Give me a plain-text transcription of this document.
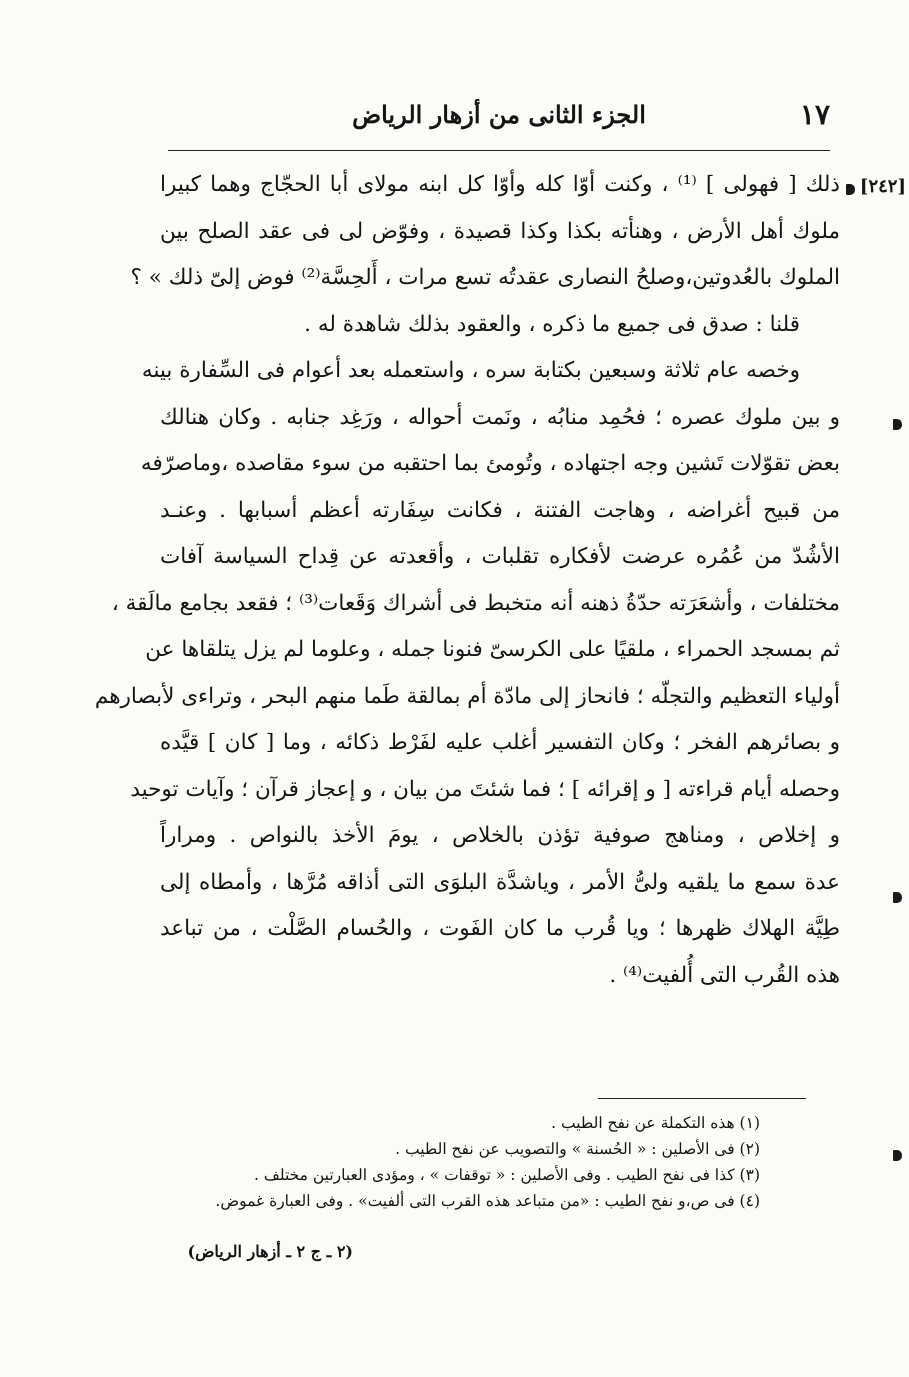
١٧
الجزء الثانى من أزهار الرياض
[٢٤٢]
ذلك [ فهولى ] ⁽¹⁾ ، وكنت أوّا كله وأوّا كل ابنه مولاى أبا الحجّاج وهما كبيرا
ملوك أهل الأرض ، وهنأته بكذا وكذا قصيدة ، وفوّض لى فى عقد الصلح بين
الملوك بالعُدوتين،وصلحُ النصارى عقدتُه تسع مرات ، أَلحِسَّة⁽²⁾ فوض إلىّ ذلك » ؟
قلنا : صدق فى جميع ما ذكره ، والعقود بذلك شاهدة له .
وخصه عام ثلاثة وسبعين بكتابة سره ، واستعمله بعد أعوام فى السِّفارة بينه
و بين ملوك عصره ؛ فحُمِد منابُه ، ونَمت أحواله ، ورَغِد جنابه . وكان هنالك
بعض تقوّلات تَشين وجه اجتهاده ، وتُومئ بما احتقبه من سوء مقاصده ،وماصرّفه
من قبيح أغراضه ، وهاجت الفتنة ، فكانت سِفَارته أعظم أسبابها . وعنـد
الأشُدّ من عُمُره عرضت لأفكاره تقلبات ، وأقعدته عن قِداح السياسة آفات
مختلفات ، وأشعَرَته حدّةُ ذهنه أنه متخبط فى أشراك وَقَعات⁽³⁾ ؛ فقعد بجامع مالَقة ،
ثم بمسجد الحمراء ، ملقيًا على الكرسىّ فنونا جمله ، وعلوما لم يزل يتلقاها عن
أولياء التعظيم والتجلّه ؛ فانحاز إلى مادّة أم بمالقة طَما منهم البحر ، وتراءى لأبصارهم
و بصائرهم الفخر ؛ وكان التفسير أغلب عليه لفَرْط ذكائه ، وما [ كان ] قيَّده
وحصله أيام قراءته [ و إقرائه ] ؛ فما شئتَ من بيان ، و إعجاز قرآن ؛ وآيات توحيد
و إخلاص ، ومناهج صوفية تؤذن بالخلاص ، يومَ الأخذ بالنواص . ومراراً
عدة سمع ما يلقيه ولىُّ الأمر ، وياشدَّة البلوَى التى أذاقه مُرَّها ، وأمطاه إلى
طِيَّة الهلاك ظهرها ؛ ويا قُرب ما كان الفَوت ، والحُسام الصَّلْت ، من تباعد
هذه القُرب التى أُلفيت⁽⁴⁾ .
(١) هذه التكملة عن نفح الطيب .
(٢) فى الأصلين : « الحُسنة » والتصويب عن نفح الطيب .
(٣) كذا فى نفح الطيب . وفى الأصلين : « توقفات » ، ومؤدى العبارتين مختلف .
(٤) فى ص،و نفح الطيب : «من متباعد هذه القرب التى ألفيت» . وفى العبارة غموض.
(٢ ـ ج ٢ ـ أزهار الرياض)
